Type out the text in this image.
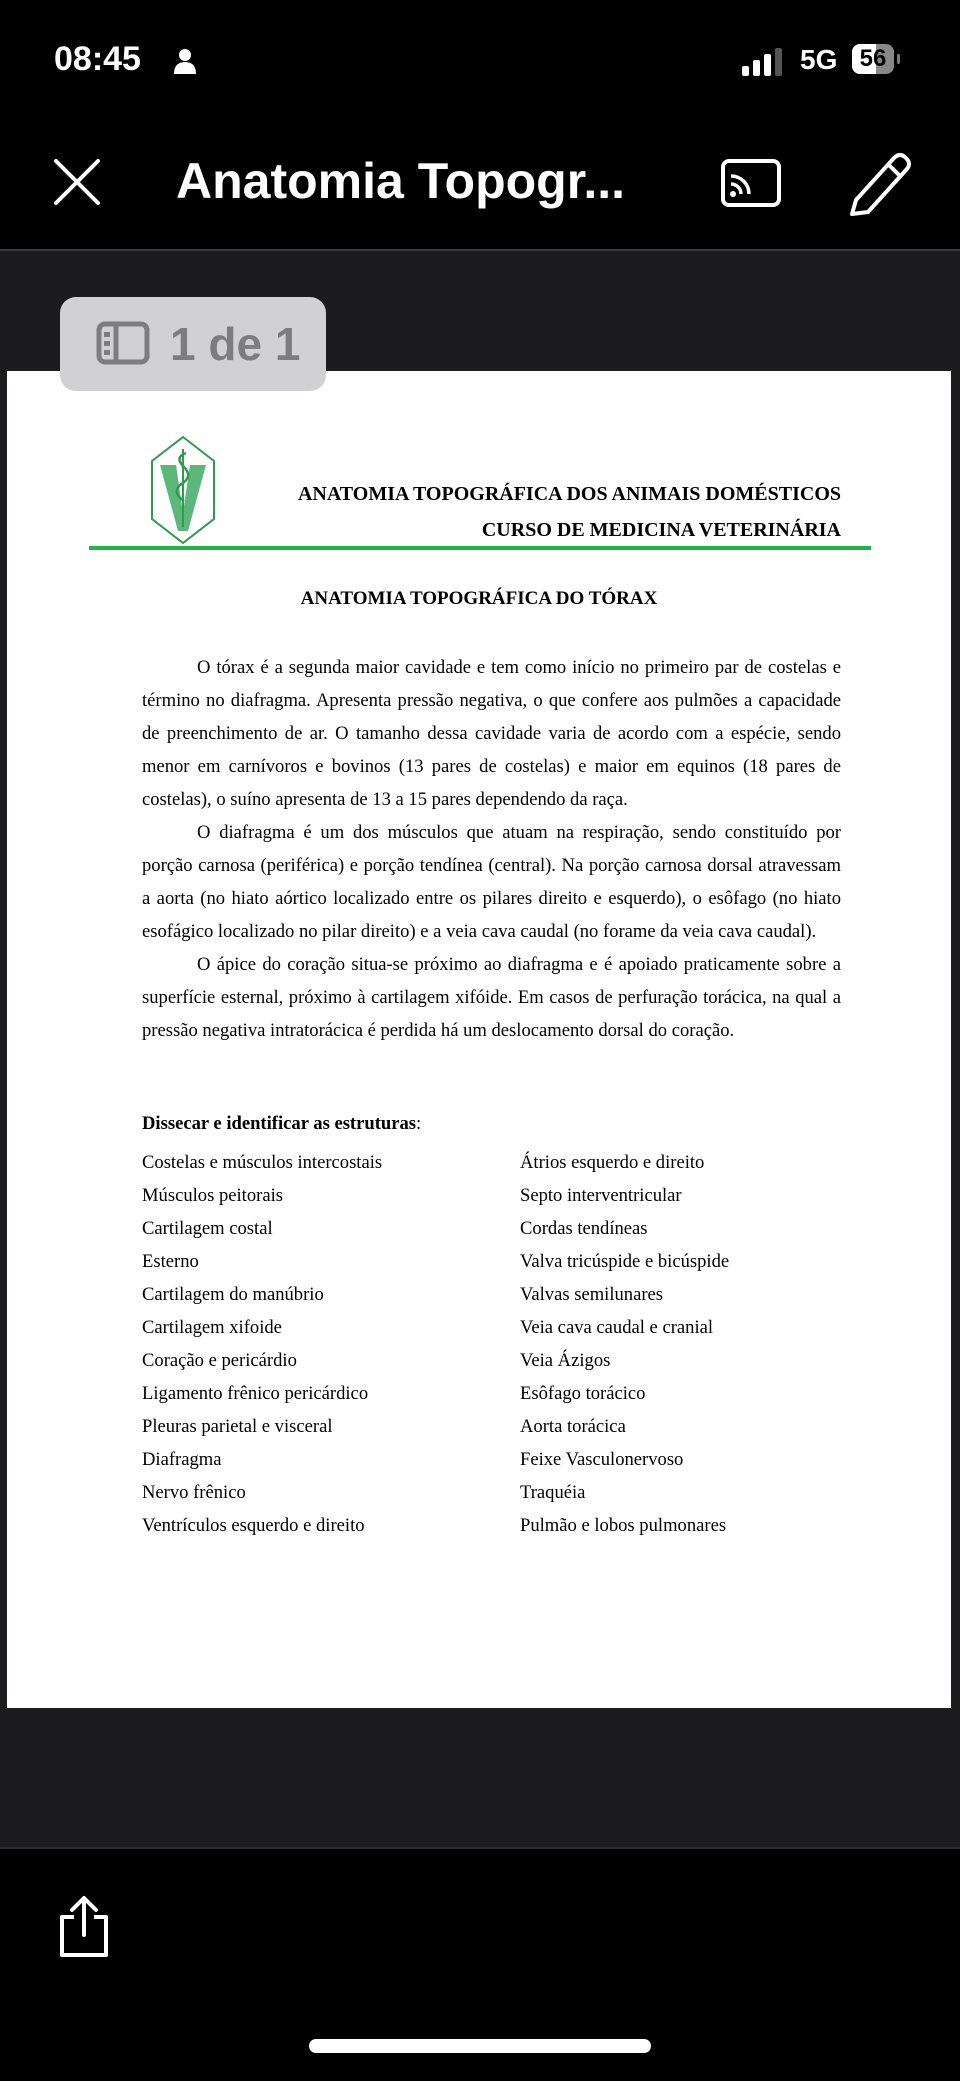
08:45	5G 56
Anatomia Topogr...
1 de 1
ANATOMIA TOPOGRÁFICA DOS ANIMAIS DOMÉSTICOS
CURSO DE MEDICINA VETERINÁRIA
ANATOMIA TOPOGRÁFICA DO TÓRAX

O tórax é a segunda maior cavidade e tem como início no primeiro par de costelas e término no diafragma. Apresenta pressão negativa, o que confere aos pulmões a capacidade de preenchimento de ar. O tamanho dessa cavidade varia de acordo com a espécie, sendo menor em carnívoros e bovinos (13 pares de costelas) e maior em equinos (18 pares de costelas), o suíno apresenta de 13 a 15 pares dependendo da raça.

O diafragma é um dos músculos que atuam na respiração, sendo constituído por porção carnosa (periférica) e porção tendínea (central). Na porção carnosa dorsal atravessam a aorta (no hiato aórtico localizado entre os pilares direito e esquerdo), o esôfago (no hiato esofágico localizado no pilar direito) e a veia cava caudal (no forame da veia cava caudal).

O ápice do coração situa-se próximo ao diafragma e é apoiado praticamente sobre a superfície esternal, próximo à cartilagem xifóide. Em casos de perfuração torácica, na qual a pressão negativa intratorácica é perdida há um deslocamento dorsal do coração.

Dissecar e identificar as estruturas:
Costelas e músculos intercostais
Músculos peitorais
Cartilagem costal
Esterno
Cartilagem do manúbrio
Cartilagem xifoide
Coração e pericárdio
Ligamento frênico pericárdico
Pleuras parietal e visceral
Diafragma
Nervo frênico
Ventrículos esquerdo e direito
Átrios esquerdo e direito
Septo interventricular
Cordas tendíneas
Valva tricúspide e bicúspide
Valvas semilunares
Veia cava caudal e cranial
Veia Ázigos
Esôfago torácico
Aorta torácica
Feixe Vasculonervoso
Traquéia
Pulmão e lobos pulmonares
